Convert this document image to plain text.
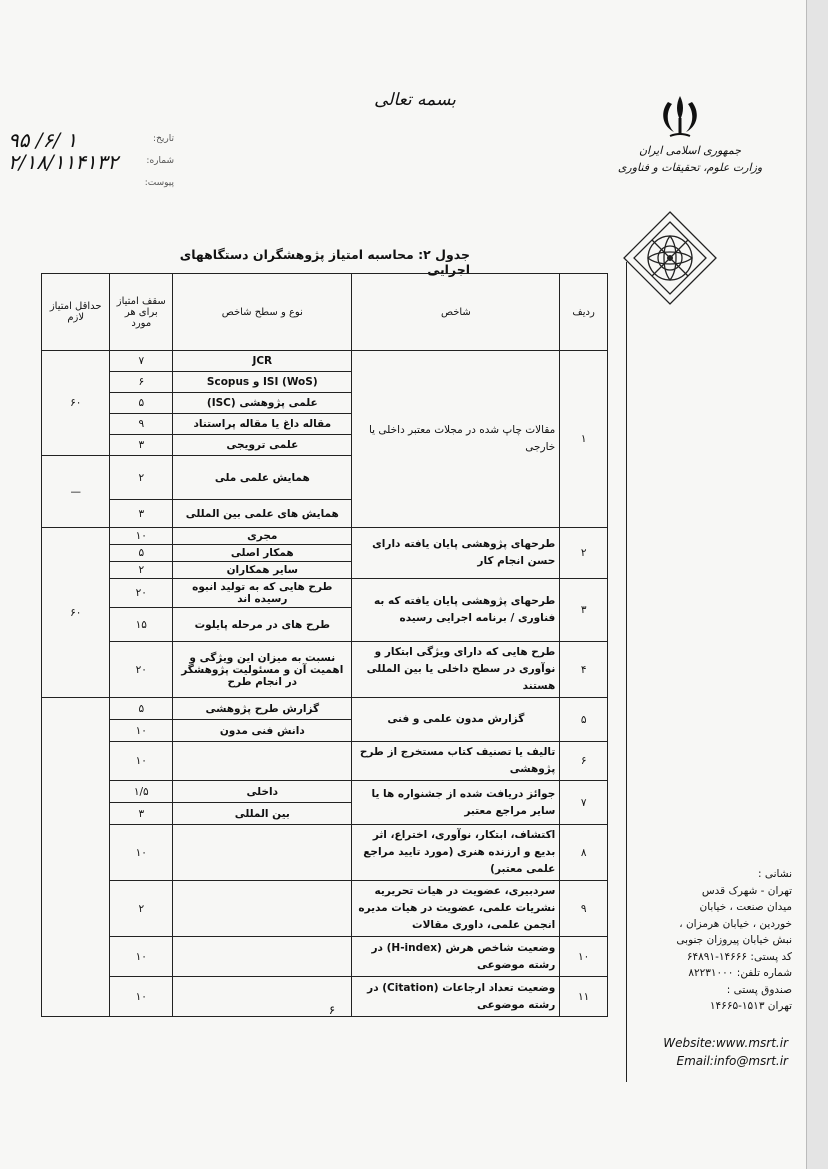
بسمه تعالی
جمهوری اسلامی ایران
وزارت علوم، تحقیقات و فناوری
۹۵ /۶/ ۱	تاریخ:
۲/۱۸/۱۱۴۱۳۲	شماره:
پیوست:
جدول ۲: محاسبه امتیاز پژوهشگران دستگاههای اجرایی
ردیف	شاخص	نوع و سطح شاخص	سقف امتیاز برای هر مورد	حداقل امتیاز لازم
۱	مقالات چاپ شده در مجلات معتبر داخلی یا خارجی	JCR	۷	۶۰
		ISI (WoS) و Scopus	۶	
		علمی پژوهشی (ISC)	۵	
		مقاله داغ یا مقاله پراستناد	۹	
		علمی ترویجی	۳	
		همایش علمی ملی	۲	—
		همایش های علمی بین المللی	۳	
۲	طرحهای پژوهشی پایان یافته دارای حسن انجام کار	مجری	۱۰	۶۰
		همکار اصلی	۵	
		سایر همکاران	۲	
۳	طرحهای پژوهشی پایان یافته که به فناوری / برنامه اجرایی رسیده	طرح هایی که به تولید انبوه رسیده اند	۲۰	
		طرح های در مرحله پایلوت	۱۵	
۴	طرح هایی که دارای ویژگی ابتکار و نوآوری در سطح داخلی یا بین المللی هستند	نسبت به میزان این ویژگی و اهمیت آن و مسئولیت پژوهشگر در انجام طرح	۲۰	
۵	گزارش مدون علمی و فنی	گزارش طرح پژوهشی	۵	
		دانش فنی مدون	۱۰	
۶	تالیف یا تصنیف کتاب مستخرج از طرح پژوهشی		۱۰	
۷	جوائز دریافت شده از جشنواره ها یا سایر مراجع معتبر	داخلی	۱/۵	
		بین المللی	۳	
۸	اکتشاف، ابتکار، نوآوری، اختراع، اثر بدیع و ارزنده هنری (مورد تایید مراجع علمی معتبر)		۱۰	
۹	سردبیری، عضویت در هیات تحریریه نشریات علمی، عضویت در هیات مدیره انجمن علمی، داوری مقالات		۲	
۱۰	وضعیت شاخص هرش (H-index) در رشته موضوعی		۱۰	
۱۱	وضعیت تعداد ارجاعات (Citation) در رشته موضوعی		۱۰	
۶
نشانی :
تهران - شهرک قدس
میدان صنعت ، خیابان
خوردین ، خیابان هرمزان ،
نبش خیابان پیروزان جنوبی
کد پستی: ۱۴۶۶۶-۶۴۸۹۱
شماره تلفن: ۸۲۲۳۱۰۰۰
صندوق پستی :
تهران ۱۵۱۳-۱۴۶۶۵
Website:www.msrt.ir
Email:info@msrt.ir
